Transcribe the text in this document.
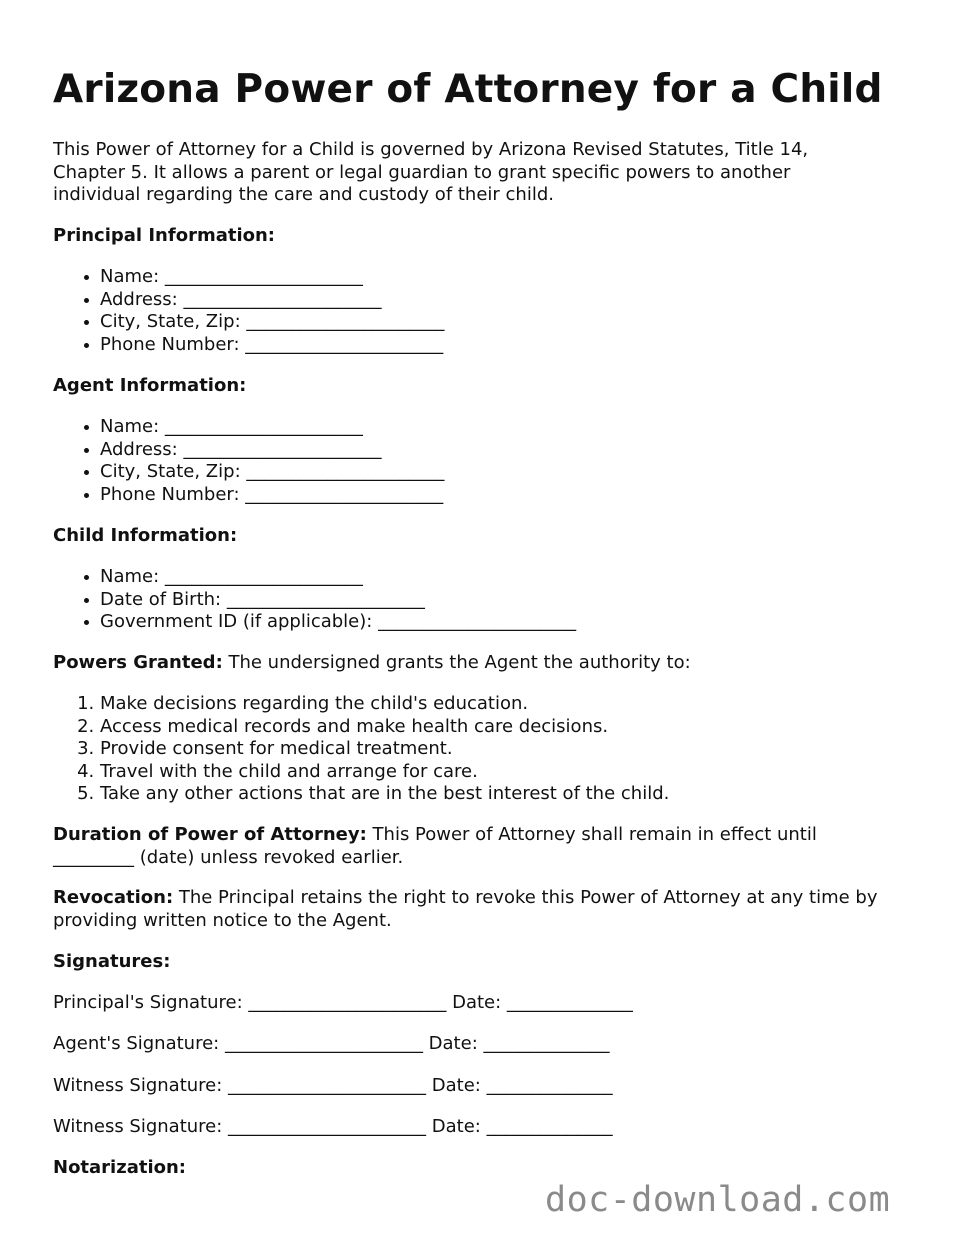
Arizona Power of Attorney for a Child
This Power of Attorney for a Child is governed by Arizona Revised Statutes, Title 14, Chapter 5. It allows a parent or legal guardian to grant specific powers to another individual regarding the care and custody of their child.
Principal Information:
• Name: ______________________
• Address: ______________________
• City, State, Zip: ______________________
• Phone Number: ______________________
Agent Information:
• Name: ______________________
• Address: ______________________
• City, State, Zip: ______________________
• Phone Number: ______________________
Child Information:
• Name: ______________________
• Date of Birth: ______________________
• Government ID (if applicable): ______________________
Powers Granted: The undersigned grants the Agent the authority to:
1. Make decisions regarding the child's education.
2. Access medical records and make health care decisions.
3. Provide consent for medical treatment.
4. Travel with the child and arrange for care.
5. Take any other actions that are in the best interest of the child.
Duration of Power of Attorney: This Power of Attorney shall remain in effect until _________ (date) unless revoked earlier.
Revocation: The Principal retains the right to revoke this Power of Attorney at any time by providing written notice to the Agent.
Signatures:
Principal's Signature: ______________________ Date: ______________
Agent's Signature: ______________________ Date: ______________
Witness Signature: ______________________ Date: ______________
Witness Signature: ______________________ Date: ______________
Notarization:
doc-download.com
